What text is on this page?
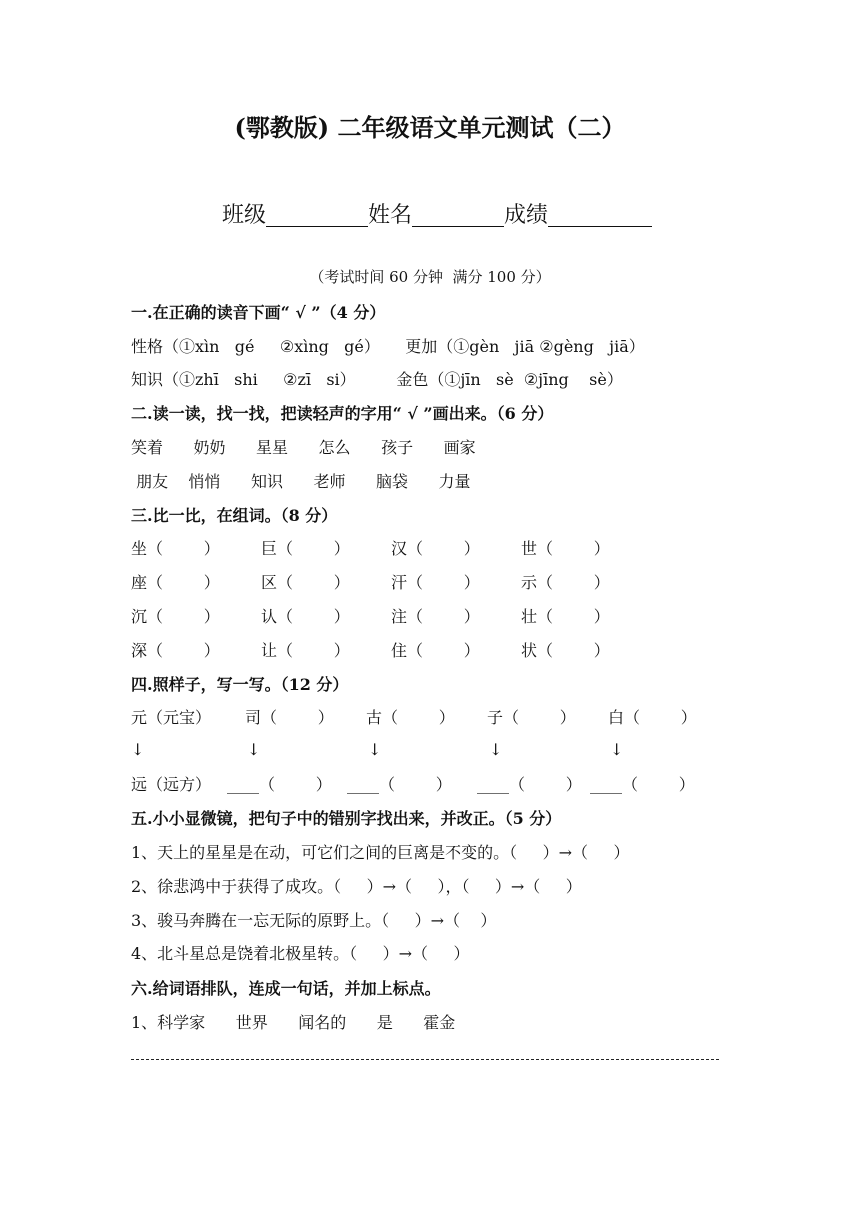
(鄂教版) 二年级语文单元测试（二）
班级	姓名	成绩
（考试时间 60 分钟  满分 100 分）
一.在正确的读音下画“ √ ”（4 分）
性格（①xìn   gé     ②xìng   gé）     更加（①gèn   jiā ②gèng   jiā）
知识（①zhī   shi     ②zī   si）        金色（①jīn   sè  ②jīng    sè）
二.读一读，找一找，把读轻声的字用“ √ ”画出来。（6 分）
笑着      奶奶      星星      怎么      孩子      画家
朋友    悄悄      知识      老师      脑袋      力量
三.比一比，在组词。（8 分）
坐（        ）	巨（        ）	汉（        ）	世（        ）
座（        ）	区（        ）	汗（        ）	示（        ）
沉（        ）	认（        ）	注（        ）	壮（        ）
深（        ）	让（        ）	住（        ）	状（        ）
四.照样子，写一写。（12 分）
元（元宝） 司（        ） 古（        ） 子（        ） 白（        ）
↓	↓	↓	↓	↓
远（远方） ____（        ） ____（        ） ____（        ） ____（        ）
五.小小显微镜，把句子中的错别字找出来，并改正。（5 分）
1、天上的星星是在动，可它们之间的巨离是不变的。（     ）→（     ）
2、徐悲鸿中于获得了成攻。（     ）→（     ），（     ）→（     ）
3、骏马奔腾在一忘无际的原野上。（     ）→（    ）
4、北斗星总是饶着北极星转。（     ）→（     ）
六.给词语排队，连成一句话，并加上标点。
1、科学家      世界      闻名的      是      霍金
